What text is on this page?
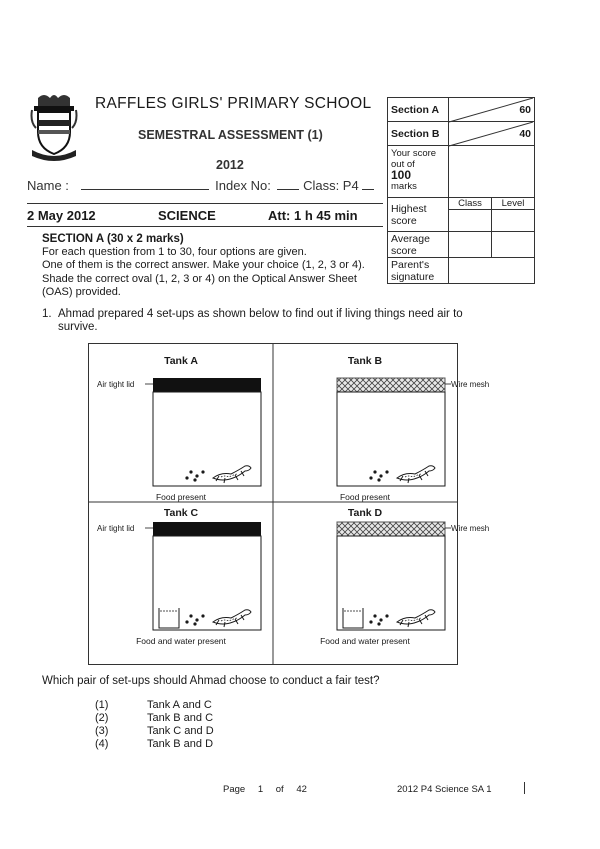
RAFFLES GIRLS' PRIMARY SCHOOL
SEMESTRAL ASSESSMENT (1)
2012
Name :	Index No: Class: P4
2 May 2012	SCIENCE	Att: 1 h 45 min
Section A	60	
Section B	40	

Your score
out of
100
marks		

Highest score	Class	Level

Average score		
Parent's signature		
SECTION A (30 x 2 marks)
For each question from 1 to 30, four options are given.
One of them is the correct answer. Make your choice (1, 2, 3 or 4).
Shade the correct oval (1, 2, 3 or 4) on the Optical Answer Sheet
(OAS) provided.
1. Ahmad prepared 4 set-ups as shown below to find out if living things need air to
survive.
Tank A
Air tight lid
Food present
Tank B
Wire mesh
Food present
Tank C
Air tight lid
Food and water present
Tank D
Wire mesh
Food and water present
Which pair of set-ups should Ahmad choose to conduct a fair test?
(1)	Tank A and C
(2)	Tank B and C
(3)	Tank C and D
(4)	Tank B and D
Page 1 of 42	2012 P4 Science SA 1
